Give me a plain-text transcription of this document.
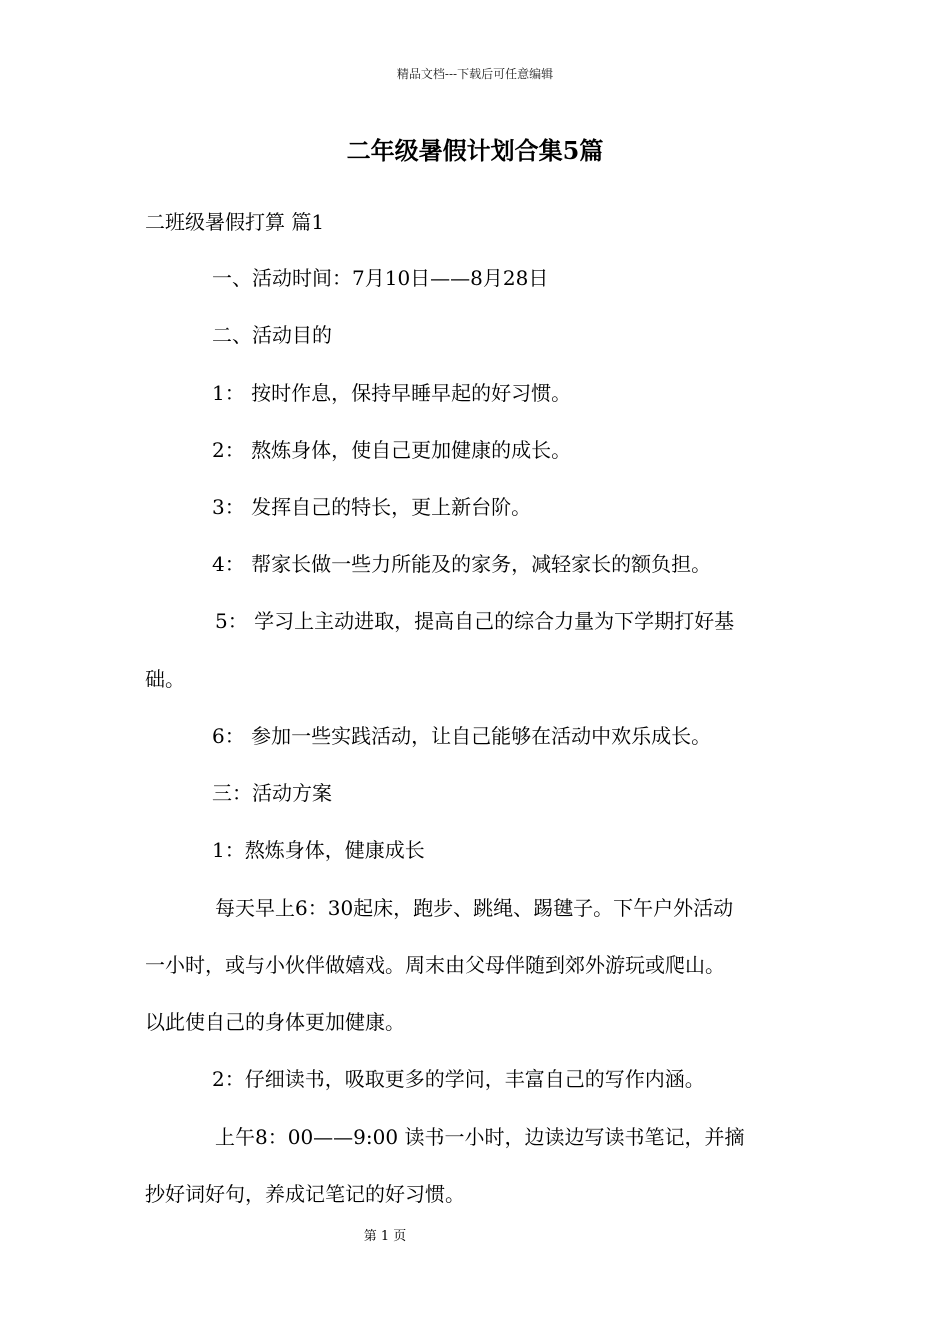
精品文档---下载后可任意编辑
二年级暑假计划合集5篇
二班级暑假打算 篇1
一、活动时间：7月10日——8月28日
二、活动目的
1： 按时作息，保持早睡早起的好习惯。
2： 熬炼身体，使自己更加健康的成长。
3： 发挥自己的特长，更上新台阶。
4： 帮家长做一些力所能及的家务，减轻家长的额负担。
5： 学习上主动进取，提高自己的综合力量为下学期打好基
础。
6： 参加一些实践活动，让自己能够在活动中欢乐成长。
三：活动方案
1：熬炼身体，健康成长
每天早上6：30起床，跑步、跳绳、踢毽子。下午户外活动
一小时，或与小伙伴做嬉戏。周末由父母伴随到郊外游玩或爬山。
以此使自己的身体更加健康。
2：仔细读书，吸取更多的学问，丰富自己的写作内涵。
上午8：00——9:00 读书一小时，边读边写读书笔记，并摘
抄好词好句，养成记笔记的好习惯。
第 1 页
